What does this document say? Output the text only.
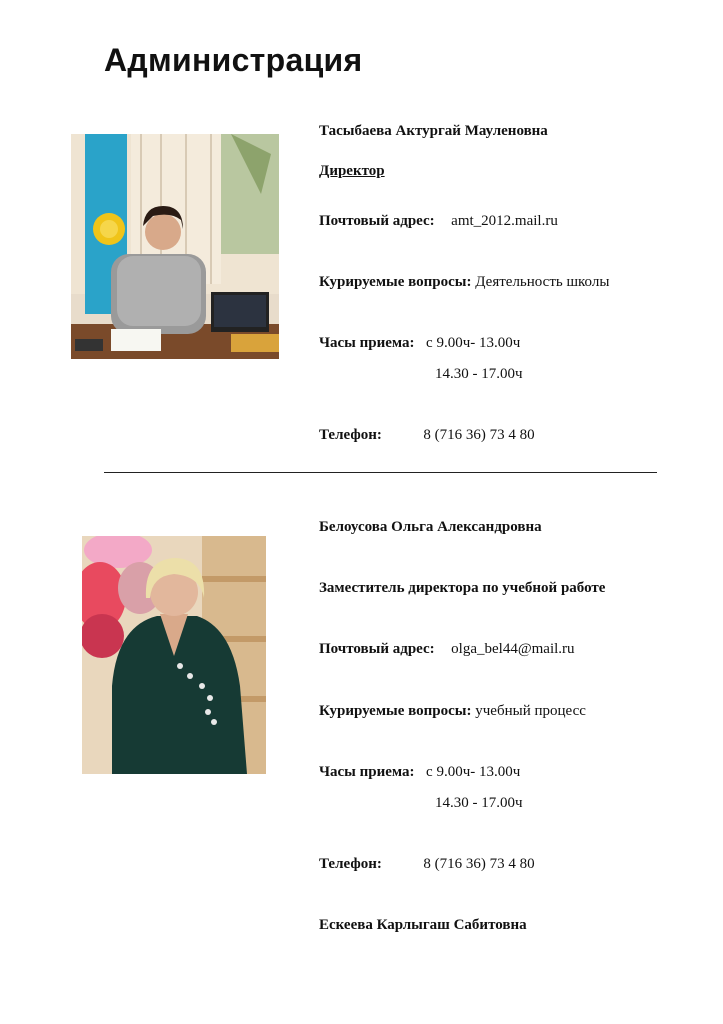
Администрация
Тасыбаева Актургай Мауленовна
Директор
Почтовый адрес: amt_2012.mail.ru
Курируемые вопросы: Деятельность школы
Часы приема: с 9.00ч- 13.00ч
14.30 - 17.00ч
Телефон:	8 (716 36) 73 4 80
Белоусова Ольга Александровна
Заместитель директора по учебной работе
Почтовый адрес: olga_bel44@mail.ru
Курируемые вопросы: учебный процесс
Часы приема: с 9.00ч- 13.00ч
14.30 - 17.00ч
Телефон:	8 (716 36) 73 4 80
Ескеева Карлыгаш Сабитовна
